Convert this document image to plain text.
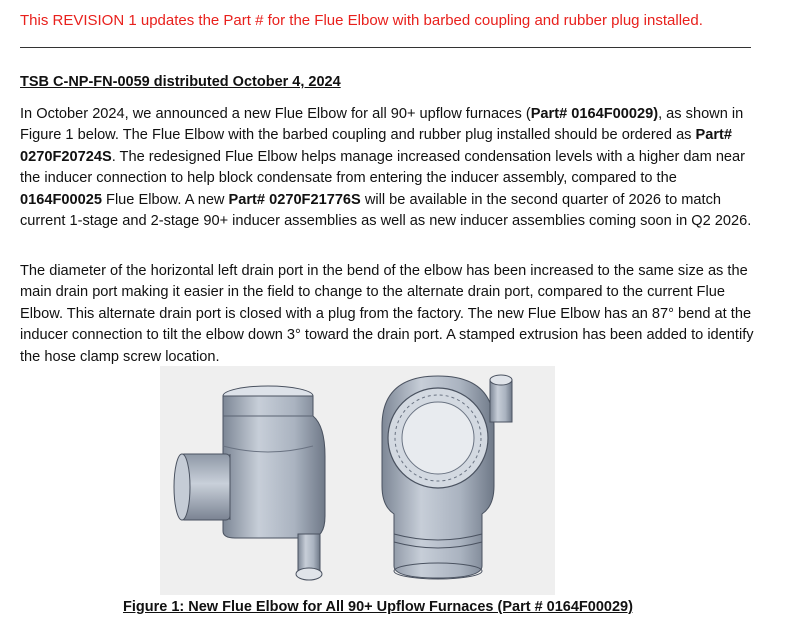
This REVISION 1 updates the Part # for the Flue Elbow with barbed coupling and rubber plug installed.
TSB C-NP-FN-0059 distributed October 4, 2024

In October 2024, we announced a new Flue Elbow for all 90+ upflow furnaces (Part# 0164F00029), as shown in Figure 1 below. The Flue Elbow with the barbed coupling and rubber plug installed should be ordered as Part# 0270F20724S. The redesigned Flue Elbow helps manage increased condensation levels with a higher dam near the inducer connection to help block condensate from entering the inducer assembly, compared to the 0164F00025 Flue Elbow. A new Part# 0270F21776S will be available in the second quarter of 2026 to match current 1-stage and 2-stage 90+ inducer assemblies as well as new inducer assemblies coming soon in Q2 2026.

The diameter of the horizontal left drain port in the bend of the elbow has been increased to the same size as the main drain port making it easier in the field to change to the alternate drain port, compared to the current Flue Elbow. This alternate drain port is closed with a plug from the factory. The new Flue Elbow has an 87° bend at the inducer connection to tilt the elbow down 3° toward the drain port. A stamped extrusion has been added to identify the hose clamp screw location.

Figure 1: New Flue Elbow for All 90+ Upflow Furnaces (Part # 0164F00029)
